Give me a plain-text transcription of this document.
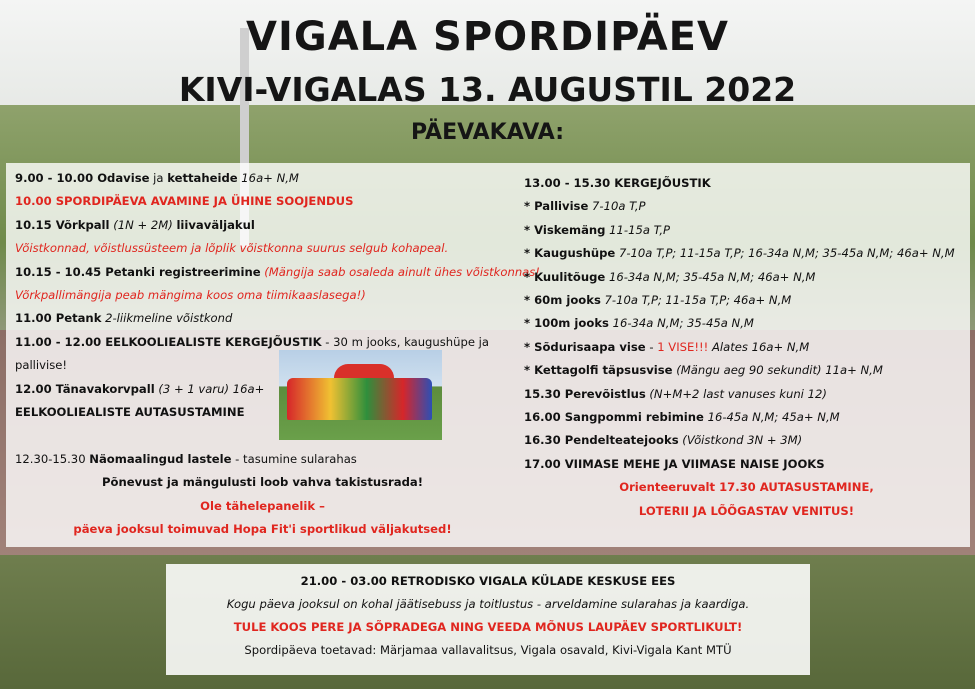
VIGALA SPORDIPÄEV
KIVI-VIGALAS 13. AUGUSTIL 2022
PÄEVAKAVA:
9.00 - 10.00 Odavise ja kettaheide 16a+ N,M
10.00 SPORDIPÄEVA AVAMINE JA ÜHINE SOOJENDUS
10.15 Võrkpall (1N + 2M) liivaväljakul
Võistkonnad, võistlussüsteem ja lõplik võistkonna suurus selgub kohapeal.
10.15 - 10.45 Petanki registreerimine (Mängija saab osaleda ainult ühes võistkonnas!
Võrkpallimängija peab mängima koos oma tiimikaaslasega!)
11.00 Petank 2-liikmeline võistkond
11.00 - 12.00 EELKOOLIEALISTE KERGEJÕUSTIK - 30 m jooks, kaugushüpe ja
pallivise!
12.00 Tänavakorvpall (3 + 1 varu) 16a+
EELKOOLIEALISTE AUTASUSTAMINE

12.30-15.30 Näomaalingud lastele - tasumine sularahas
Põnevust ja mängulusti loob vahva takistusrada!
Ole tähelepanelik –
päeva jooksul toimuvad Hopa Fit'i sportlikud väljakutsed!
13.00 - 15.30 KERGEJÕUSTIK
* Pallivise 7-10a T,P
* Viskemäng 11-15a T,P
* Kaugushüpe 7-10a T,P; 11-15a T,P; 16-34a N,M; 35-45a N,M; 46a+ N,M
* Kuulitõuge 16-34a N,M; 35-45a N,M; 46a+ N,M
* 60m jooks 7-10a T,P; 11-15a T,P; 46a+ N,M
* 100m jooks 16-34a N,M; 35-45a N,M
* Sõdurisaapa vise - 1 VISE!!! Alates 16a+ N,M
* Kettagolfi täpsusvise (Mängu aeg 90 sekundit) 11a+ N,M
15.30 Perevõistlus (N+M+2 last vanuses kuni 12)
16.00 Sangpommi rebimine 16-45a N,M; 45a+ N,M
16.30 Pendelteatejooks (Võistkond 3N + 3M)
17.00 VIIMASE MEHE JA VIIMASE NAISE JOOKS
Orienteeruvalt 17.30 AUTASUSTAMINE,
LOTERII JA LÕÕGASTAV VENITUS!
21.00 - 03.00 RETRODISKO VIGALA KÜLADE KESKUSE EES
Kogu päeva jooksul on kohal jäätisebuss ja toitlustus - arveldamine sularahas ja kaardiga.
TULE KOOS PERE JA SÕPRADEGA NING VEEDA MÕNUS LAUPÄEV SPORTLIKULT!
Spordipäeva toetavad: Märjamaa vallavalitsus, Vigala osavald, Kivi-Vigala Kant MTÜ
